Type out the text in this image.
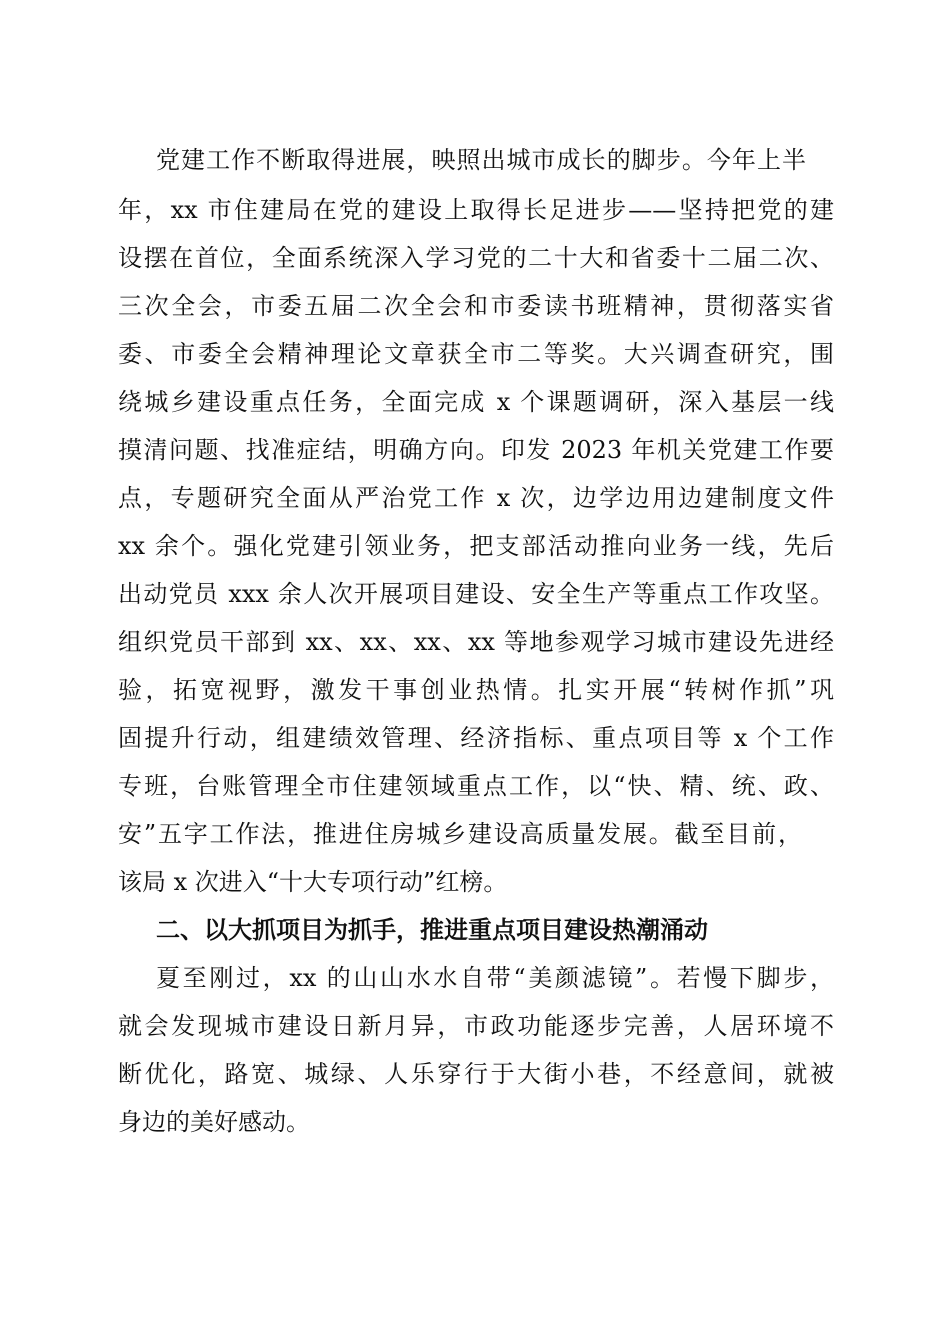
党建工作不断取得进展，映照出城市成长的脚步。今年上半
年，xx 市住建局在党的建设上取得长足进步——坚持把党的建
设摆在首位，全面系统深入学习党的二十大和省委十二届二次、
三次全会，市委五届二次全会和市委读书班精神，贯彻落实省
委、市委全会精神理论文章获全市二等奖。大兴调查研究，围
绕城乡建设重点任务，全面完成 x 个课题调研，深入基层一线
摸清问题、找准症结，明确方向。印发 2023 年机关党建工作要
点，专题研究全面从严治党工作 x 次，边学边用边建制度文件
xx 余个。强化党建引领业务，把支部活动推向业务一线，先后
出动党员 xxx 余人次开展项目建设、安全生产等重点工作攻坚。
组织党员干部到 xx、xx、xx、xx 等地参观学习城市建设先进经
验，拓宽视野，激发干事创业热情。扎实开展“转树作抓”巩
固提升行动，组建绩效管理、经济指标、重点项目等 x 个工作
专班，台账管理全市住建领域重点工作，以“快、精、统、政、
安”五字工作法，推进住房城乡建设高质量发展。截至目前，
该局 x 次进入“十大专项行动”红榜。
二、以大抓项目为抓手，推进重点项目建设热潮涌动
夏至刚过，xx 的山山水水自带“美颜滤镜”。若慢下脚步，
就会发现城市建设日新月异，市政功能逐步完善，人居环境不
断优化，路宽、城绿、人乐穿行于大街小巷，不经意间，就被
身边的美好感动。
